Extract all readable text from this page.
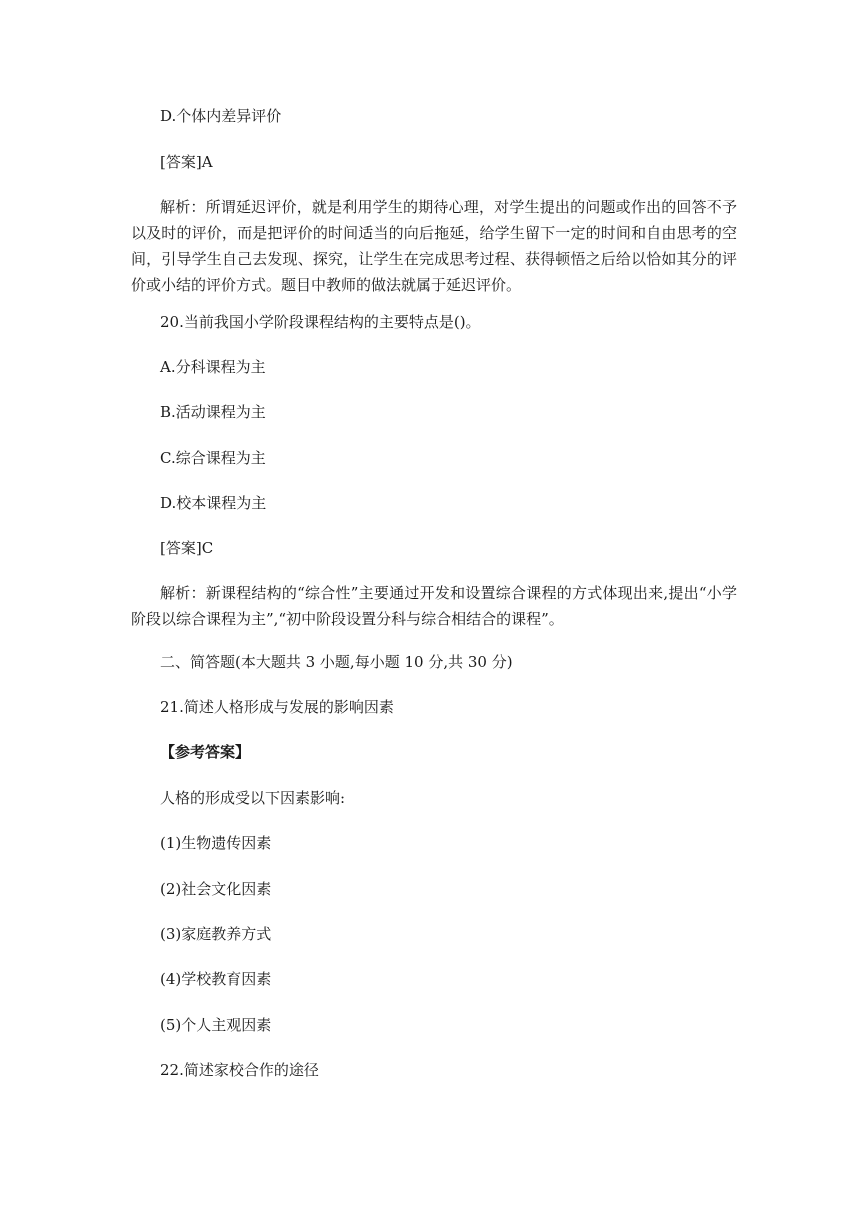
D.个体内差异评价
[答案]A
解析：所谓延迟评价，就是利用学生的期待心理，对学生提出的问题或作出的回答不予以及时的评价，而是把评价的时间适当的向后拖延，给学生留下一定的时间和自由思考的空间，引导学生自己去发现、探究，让学生在完成思考过程、获得顿悟之后给以恰如其分的评价或小结的评价方式。题目中教师的做法就属于延迟评价。
20.当前我国小学阶段课程结构的主要特点是()。
A.分科课程为主
B.活动课程为主
C.综合课程为主
D.校本课程为主
[答案]C
解析：新课程结构的“综合性”主要通过开发和设置综合课程的方式体现出来,提出“小学阶段以综合课程为主”,“初中阶段设置分科与综合相结合的课程”。
二、简答题(本大题共 3 小题,每小题 10 分,共 30 分)
21.简述人格形成与发展的影响因素
【参考答案】
人格的形成受以下因素影响:
(1)生物遗传因素
(2)社会文化因素
(3)家庭教养方式
(4)学校教育因素
(5)个人主观因素
22.简述家校合作的途径
